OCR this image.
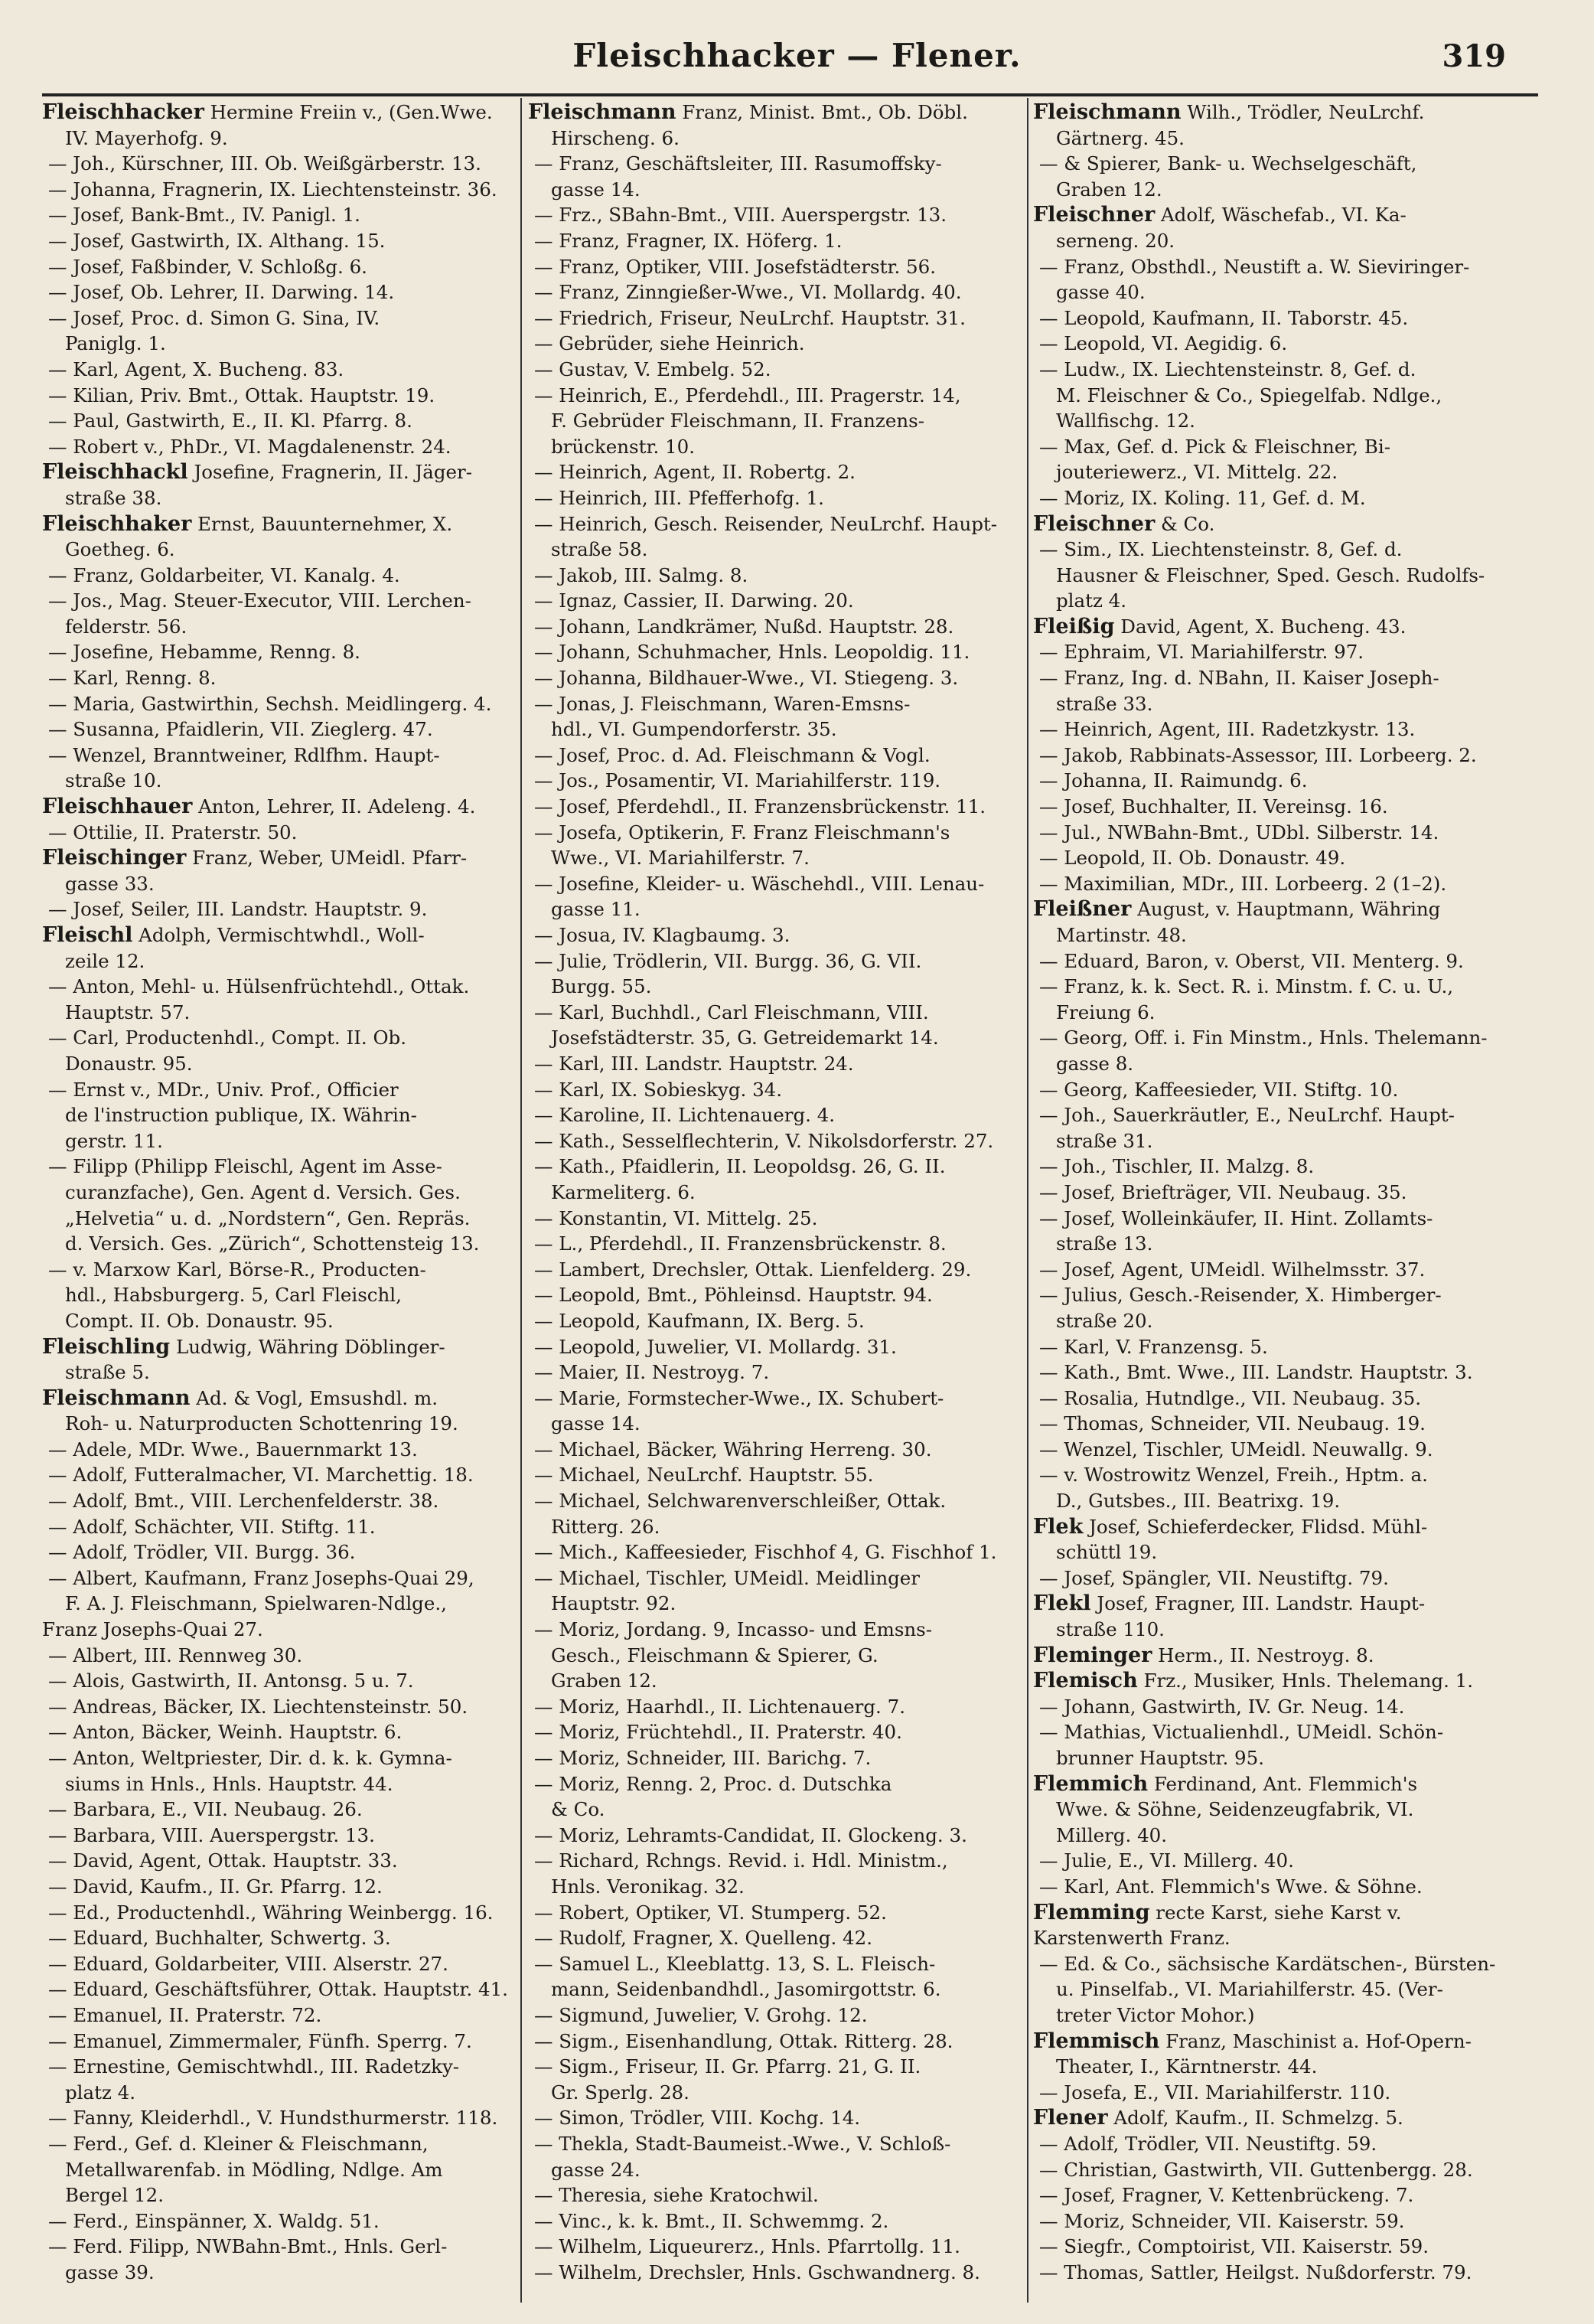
Fleischhacker — Flener.	319
Fleischhacker Hermine Freiin v., (Gen.Wwe.
IV. Mayerhofg. 9.
— Joh., Kürschner, III. Ob. Weißgärberstr. 13.
— Johanna, Fragnerin, IX. Liechtensteinstr. 36.
— Josef, Bank-Bmt., IV. Panigl. 1.
— Josef, Gastwirth, IX. Althang. 15.
— Josef, Faßbinder, V. Schloßg. 6.
— Josef, Ob. Lehrer, II. Darwing. 14.
— Josef, Proc. d. Simon G. Sina, IV.
Paniglg. 1.
— Karl, Agent, X. Bucheng. 83.
— Kilian, Priv. Bmt., Ottak. Hauptstr. 19.
— Paul, Gastwirth, E., II. Kl. Pfarrg. 8.
— Robert v., PhDr., VI. Magdalenenstr. 24.
Fleischhackl Josefine, Fragnerin, II. Jäger-
straße 38.
Fleischhaker Ernst, Bauunternehmer, X.
Goetheg. 6.
— Franz, Goldarbeiter, VI. Kanalg. 4.
— Jos., Mag. Steuer-Executor, VIII. Lerchen-
felderstr. 56.
— Josefine, Hebamme, Renng. 8.
— Karl, Renng. 8.
— Maria, Gastwirthin, Sechsh. Meidlingerg. 4.
— Susanna, Pfaidlerin, VII. Zieglerg. 47.
— Wenzel, Branntweiner, Rdlfhm. Haupt-
straße 10.
Fleischhauer Anton, Lehrer, II. Adeleng. 4.
— Ottilie, II. Praterstr. 50.
Fleischinger Franz, Weber, UMeidl. Pfarr-
gasse 33.
— Josef, Seiler, III. Landstr. Hauptstr. 9.
Fleischl Adolph, Vermischtwhdl., Woll-
zeile 12.
— Anton, Mehl- u. Hülsenfrüchtehdl., Ottak.
Hauptstr. 57.
— Carl, Productenhdl., Compt. II. Ob.
Donaustr. 95.
— Ernst v., MDr., Univ. Prof., Officier
de l'instruction publique, IX. Währin-
gerstr. 11.
— Filipp (Philipp Fleischl, Agent im Asse-
curanzfache), Gen. Agent d. Versich. Ges.
„Helvetia“ u. d. „Nordstern“, Gen. Repräs.
d. Versich. Ges. „Zürich“, Schottensteig 13.
— v. Marxow Karl, Börse-R., Producten-
hdl., Habsburgerg. 5, Carl Fleischl,
Compt. II. Ob. Donaustr. 95.
Fleischling Ludwig, Währing Döblinger-
straße 5.
Fleischmann Ad. & Vogl, Emsushdl. m.
Roh- u. Naturproducten Schottenring 19.
— Adele, MDr. Wwe., Bauernmarkt 13.
— Adolf, Futteralmacher, VI. Marchettig. 18.
— Adolf, Bmt., VIII. Lerchenfelderstr. 38.
— Adolf, Schächter, VII. Stiftg. 11.
— Adolf, Trödler, VII. Burgg. 36.
— Albert, Kaufmann, Franz Josephs-Quai 29,
F. A. J. Fleischmann, Spielwaren-Ndlge.,
Franz Josephs-Quai 27.
— Albert, III. Rennweg 30.
— Alois, Gastwirth, II. Antonsg. 5 u. 7.
— Andreas, Bäcker, IX. Liechtensteinstr. 50.
— Anton, Bäcker, Weinh. Hauptstr. 6.
— Anton, Weltpriester, Dir. d. k. k. Gymna-
siums in Hnls., Hnls. Hauptstr. 44.
— Barbara, E., VII. Neubaug. 26.
— Barbara, VIII. Auerspergstr. 13.
— David, Agent, Ottak. Hauptstr. 33.
— David, Kaufm., II. Gr. Pfarrg. 12.
— Ed., Productenhdl., Währing Weinbergg. 16.
— Eduard, Buchhalter, Schwertg. 3.
— Eduard, Goldarbeiter, VIII. Alserstr. 27.
— Eduard, Geschäftsführer, Ottak. Hauptstr. 41.
— Emanuel, II. Praterstr. 72.
— Emanuel, Zimmermaler, Fünfh. Sperrg. 7.
— Ernestine, Gemischtwhdl., III. Radetzky-
platz 4.
— Fanny, Kleiderhdl., V. Hundsthurmerstr. 118.
— Ferd., Gef. d. Kleiner & Fleischmann,
Metallwarenfab. in Mödling, Ndlge. Am
Bergel 12.
— Ferd., Einspänner, X. Waldg. 51.
— Ferd. Filipp, NWBahn-Bmt., Hnls. Gerl-
gasse 39.
Fleischmann Franz, Minist. Bmt., Ob. Döbl.
Hirscheng. 6.
— Franz, Geschäftsleiter, III. Rasumoffsky-
gasse 14.
— Frz., SBahn-Bmt., VIII. Auerspergstr. 13.
— Franz, Fragner, IX. Höferg. 1.
— Franz, Optiker, VIII. Josefstädterstr. 56.
— Franz, Zinngießer-Wwe., VI. Mollardg. 40.
— Friedrich, Friseur, NeuLrchf. Hauptstr. 31.
— Gebrüder, siehe Heinrich.
— Gustav, V. Embelg. 52.
— Heinrich, E., Pferdehdl., III. Pragerstr. 14,
F. Gebrüder Fleischmann, II. Franzens-
brückenstr. 10.
— Heinrich, Agent, II. Robertg. 2.
— Heinrich, III. Pfefferhofg. 1.
— Heinrich, Gesch. Reisender, NeuLrchf. Haupt-
straße 58.
— Jakob, III. Salmg. 8.
— Ignaz, Cassier, II. Darwing. 20.
— Johann, Landkrämer, Nußd. Hauptstr. 28.
— Johann, Schuhmacher, Hnls. Leopoldig. 11.
— Johanna, Bildhauer-Wwe., VI. Stiegeng. 3.
— Jonas, J. Fleischmann, Waren-Emsns-
hdl., VI. Gumpendorferstr. 35.
— Josef, Proc. d. Ad. Fleischmann & Vogl.
— Jos., Posamentir, VI. Mariahilferstr. 119.
— Josef, Pferdehdl., II. Franzensbrückenstr. 11.
— Josefa, Optikerin, F. Franz Fleischmann's
Wwe., VI. Mariahilferstr. 7.
— Josefine, Kleider- u. Wäschehdl., VIII. Lenau-
gasse 11.
— Josua, IV. Klagbaumg. 3.
— Julie, Trödlerin, VII. Burgg. 36, G. VII.
Burgg. 55.
— Karl, Buchhdl., Carl Fleischmann, VIII.
Josefstädterstr. 35, G. Getreidemarkt 14.
— Karl, III. Landstr. Hauptstr. 24.
— Karl, IX. Sobieskyg. 34.
— Karoline, II. Lichtenauerg. 4.
— Kath., Sesselflechterin, V. Nikolsdorferstr. 27.
— Kath., Pfaidlerin, II. Leopoldsg. 26, G. II.
Karmeliterg. 6.
— Konstantin, VI. Mittelg. 25.
— L., Pferdehdl., II. Franzensbrückenstr. 8.
— Lambert, Drechsler, Ottak. Lienfelderg. 29.
— Leopold, Bmt., Pöhleinsd. Hauptstr. 94.
— Leopold, Kaufmann, IX. Berg. 5.
— Leopold, Juwelier, VI. Mollardg. 31.
— Maier, II. Nestroyg. 7.
— Marie, Formstecher-Wwe., IX. Schubert-
gasse 14.
— Michael, Bäcker, Währing Herreng. 30.
— Michael, NeuLrchf. Hauptstr. 55.
— Michael, Selchwarenverschleißer, Ottak.
Ritterg. 26.
— Mich., Kaffeesieder, Fischhof 4, G. Fischhof 1.
— Michael, Tischler, UMeidl. Meidlinger
Hauptstr. 92.
— Moriz, Jordang. 9, Incasso- und Emsns-
Gesch., Fleischmann & Spierer, G.
Graben 12.
— Moriz, Haarhdl., II. Lichtenauerg. 7.
— Moriz, Früchtehdl., II. Praterstr. 40.
— Moriz, Schneider, III. Barichg. 7.
— Moriz, Renng. 2, Proc. d. Dutschka
& Co.
— Moriz, Lehramts-Candidat, II. Glockeng. 3.
— Richard, Rchngs. Revid. i. Hdl. Ministm.,
Hnls. Veronikag. 32.
— Robert, Optiker, VI. Stumperg. 52.
— Rudolf, Fragner, X. Quelleng. 42.
— Samuel L., Kleeblattg. 13, S. L. Fleisch-
mann, Seidenbandhdl., Jasomirgottstr. 6.
— Sigmund, Juwelier, V. Grohg. 12.
— Sigm., Eisenhandlung, Ottak. Ritterg. 28.
— Sigm., Friseur, II. Gr. Pfarrg. 21, G. II.
Gr. Sperlg. 28.
— Simon, Trödler, VIII. Kochg. 14.
— Thekla, Stadt-Baumeist.-Wwe., V. Schloß-
gasse 24.
— Theresia, siehe Kratochwil.
— Vinc., k. k. Bmt., II. Schwemmg. 2.
— Wilhelm, Liqueurerz., Hnls. Pfarrtollg. 11.
— Wilhelm, Drechsler, Hnls. Gschwandnerg. 8.
Fleischmann Wilh., Trödler, NeuLrchf.
Gärtnerg. 45.
— & Spierer, Bank- u. Wechselgeschäft,
Graben 12.
Fleischner Adolf, Wäschefab., VI. Ka-
serneng. 20.
— Franz, Obsthdl., Neustift a. W. Sieviringer-
gasse 40.
— Leopold, Kaufmann, II. Taborstr. 45.
— Leopold, VI. Aegidig. 6.
— Ludw., IX. Liechtensteinstr. 8, Gef. d.
M. Fleischner & Co., Spiegelfab. Ndlge.,
Wallfischg. 12.
— Max, Gef. d. Pick & Fleischner, Bi-
jouteriewerz., VI. Mittelg. 22.
— Moriz, IX. Koling. 11, Gef. d. M.
Fleischner & Co.
— Sim., IX. Liechtensteinstr. 8, Gef. d.
Hausner & Fleischner, Sped. Gesch. Rudolfs-
platz 4.
Fleißig David, Agent, X. Bucheng. 43.
— Ephraim, VI. Mariahilferstr. 97.
— Franz, Ing. d. NBahn, II. Kaiser Joseph-
straße 33.
— Heinrich, Agent, III. Radetzkystr. 13.
— Jakob, Rabbinats-Assessor, III. Lorbeerg. 2.
— Johanna, II. Raimundg. 6.
— Josef, Buchhalter, II. Vereinsg. 16.
— Jul., NWBahn-Bmt., UDbl. Silberstr. 14.
— Leopold, II. Ob. Donaustr. 49.
— Maximilian, MDr., III. Lorbeerg. 2 (1–2).
Fleißner August, v. Hauptmann, Währing
Martinstr. 48.
— Eduard, Baron, v. Oberst, VII. Menterg. 9.
— Franz, k. k. Sect. R. i. Minstm. f. C. u. U.,
Freiung 6.
— Georg, Off. i. Fin Minstm., Hnls. Thelemann-
gasse 8.
— Georg, Kaffeesieder, VII. Stiftg. 10.
— Joh., Sauerkräutler, E., NeuLrchf. Haupt-
straße 31.
— Joh., Tischler, II. Malzg. 8.
— Josef, Briefträger, VII. Neubaug. 35.
— Josef, Wolleinkäufer, II. Hint. Zollamts-
straße 13.
— Josef, Agent, UMeidl. Wilhelmsstr. 37.
— Julius, Gesch.-Reisender, X. Himberger-
straße 20.
— Karl, V. Franzensg. 5.
— Kath., Bmt. Wwe., III. Landstr. Hauptstr. 3.
— Rosalia, Hutndlge., VII. Neubaug. 35.
— Thomas, Schneider, VII. Neubaug. 19.
— Wenzel, Tischler, UMeidl. Neuwallg. 9.
— v. Wostrowitz Wenzel, Freih., Hptm. a.
D., Gutsbes., III. Beatrixg. 19.
Flek Josef, Schieferdecker, Flidsd. Mühl-
schüttl 19.
— Josef, Spängler, VII. Neustiftg. 79.
Flekl Josef, Fragner, III. Landstr. Haupt-
straße 110.
Fleminger Herm., II. Nestroyg. 8.
Flemisch Frz., Musiker, Hnls. Thelemang. 1.
— Johann, Gastwirth, IV. Gr. Neug. 14.
— Mathias, Victualienhdl., UMeidl. Schön-
brunner Hauptstr. 95.
Flemmich Ferdinand, Ant. Flemmich's
Wwe. & Söhne, Seidenzeugfabrik, VI.
Millerg. 40.
— Julie, E., VI. Millerg. 40.
— Karl, Ant. Flemmich's Wwe. & Söhne.
Flemming recte Karst, siehe Karst v.
Karstenwerth Franz.
— Ed. & Co., sächsische Kardätschen-, Bürsten-
u. Pinselfab., VI. Mariahilferstr. 45. (Ver-
treter Victor Mohor.)
Flemmisch Franz, Maschinist a. Hof-Opern-
Theater, I., Kärntnerstr. 44.
— Josefa, E., VII. Mariahilferstr. 110.
Flener Adolf, Kaufm., II. Schmelzg. 5.
— Adolf, Trödler, VII. Neustiftg. 59.
— Christian, Gastwirth, VII. Guttenbergg. 28.
— Josef, Fragner, V. Kettenbrückeng. 7.
— Moriz, Schneider, VII. Kaiserstr. 59.
— Siegfr., Comptoirist, VII. Kaiserstr. 59.
— Thomas, Sattler, Heilgst. Nußdorferstr. 79.
